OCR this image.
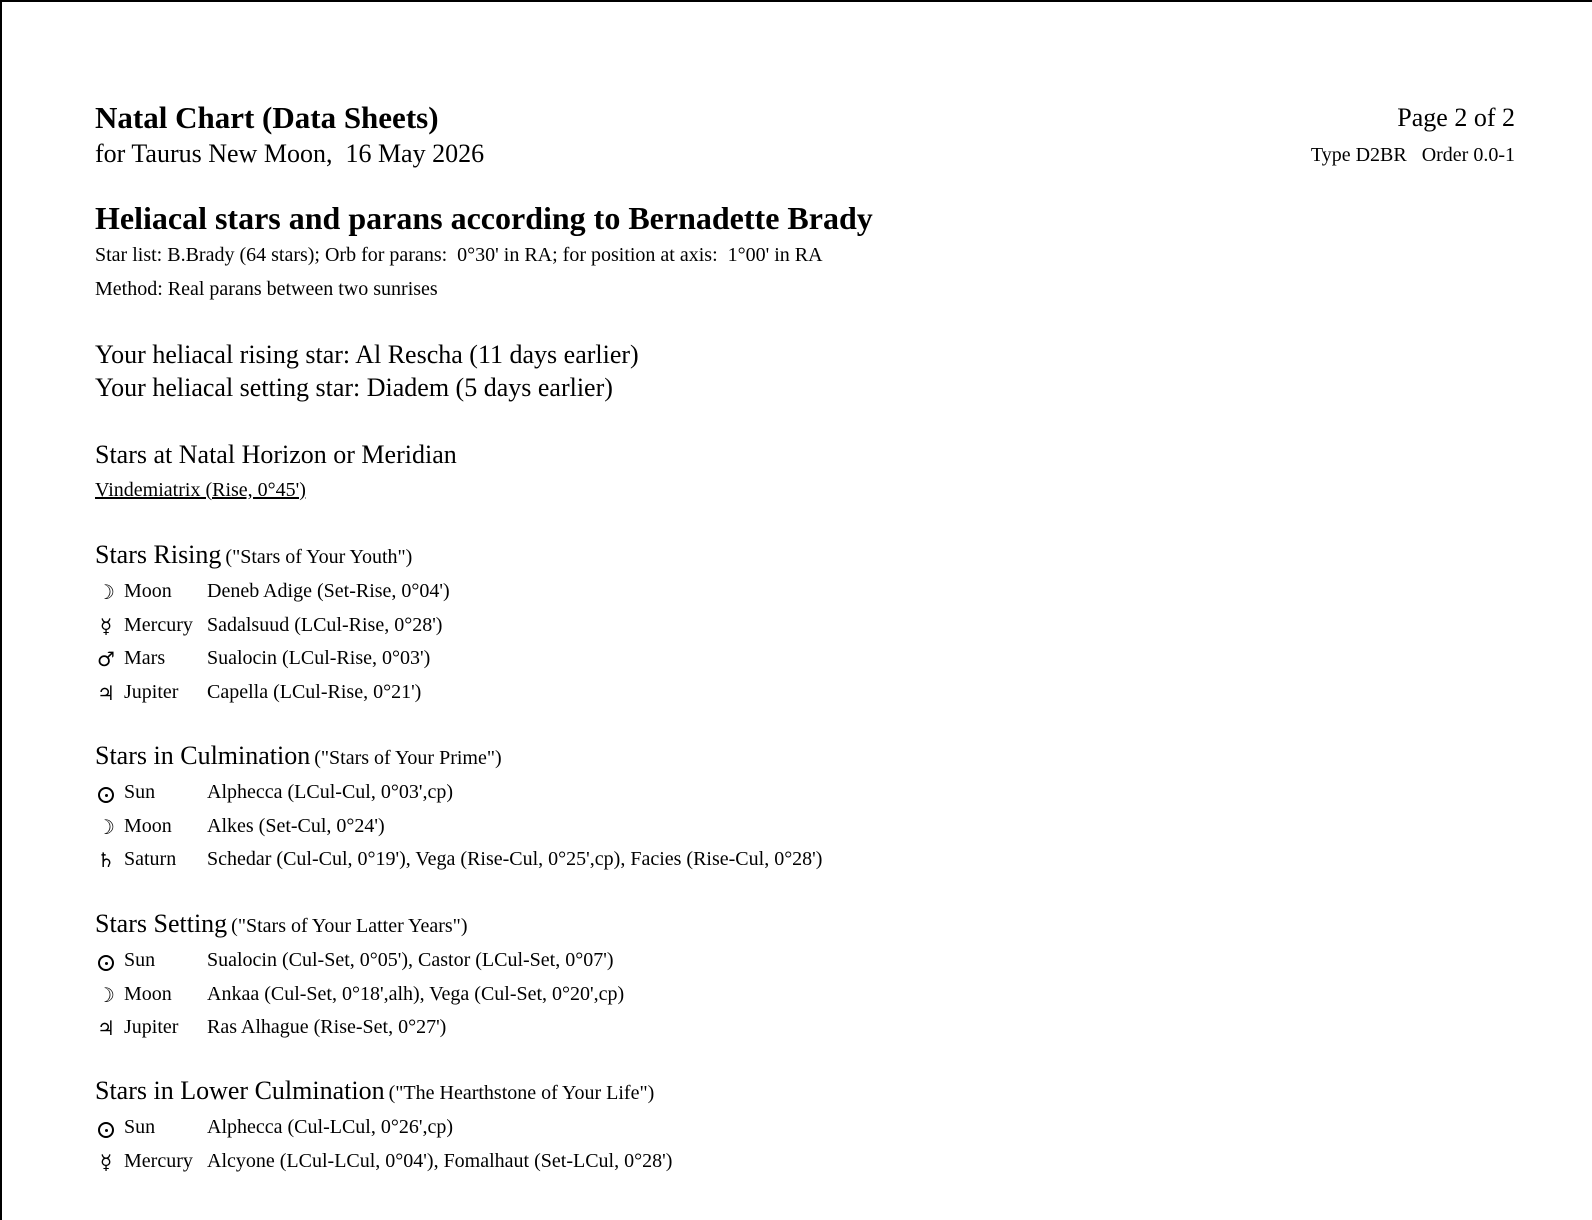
Natal Chart (Data Sheets)
for Taurus New Moon,  16 May 2026
Page 2 of 2
Type D2BR   Order 0.0-1
Heliacal stars and parans according to Bernadette Brady
Star list: B.Brady (64 stars); Orb for parans:  0°30' in RA; for position at axis:  1°00' in RA
Method: Real parans between two sunrises
Your heliacal rising star: Al Rescha (11 days earlier)
Your heliacal setting star: Diadem (5 days earlier)
Stars at Natal Horizon or Meridian
Vindemiatrix (Rise, 0°45')
Stars Rising ("Stars of Your Youth")
☽ Moon Deneb Adige (Set-Rise, 0°04')
☿ Mercury Sadalsuud (LCul-Rise, 0°28')
♂ Mars Sualocin (LCul-Rise, 0°03')
♃ Jupiter Capella (LCul-Rise, 0°21')
Stars in Culmination ("Stars of Your Prime")
Sun	Alphecca (LCul-Cul, 0°03',cp)
☽ Moon Alkes (Set-Cul, 0°24')
♄ Saturn Schedar (Cul-Cul, 0°19'), Vega (Rise-Cul, 0°25',cp), Facies (Rise-Cul, 0°28')
Stars Setting ("Stars of Your Latter Years")
Sun	Sualocin (Cul-Set, 0°05'), Castor (LCul-Set, 0°07')
☽ Moon Ankaa (Cul-Set, 0°18',alh), Vega (Cul-Set, 0°20',cp)
♃ Jupiter Ras Alhague (Rise-Set, 0°27')
Stars in Lower Culmination ("The Hearthstone of Your Life")
Sun	Alphecca (Cul-LCul, 0°26',cp)
☿ Mercury Alcyone (LCul-LCul, 0°04'), Fomalhaut (Set-LCul, 0°28')
